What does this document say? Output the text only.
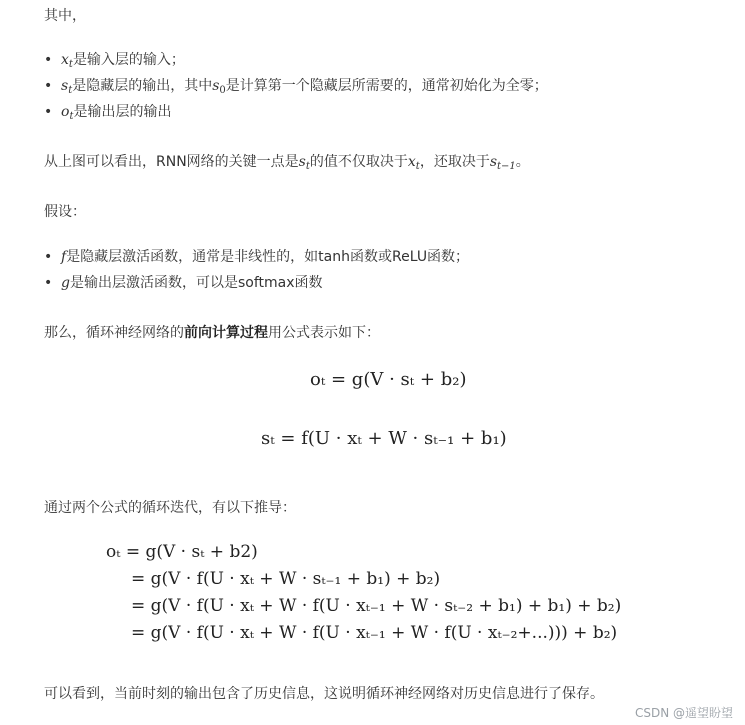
其中，
• $x_t$是输入层的输入；
• $s_t$是隐藏层的输出，其中$s_0$是计算第一个隐藏层所需要的，通常初始化为全零；
• $o_t$是输出层的输出
从上图可以看出，RNN网络的关键一点是$s_t$的值不仅取决于$x_t$，还取决于$s_{t-1}$。
假设：
• f是隐藏层激活函数，通常是非线性的，如tanh函数或ReLU函数；
• g是输出层激活函数，可以是softmax函数
那么，循环神经网络的前向计算过程用公式表示如下：
oₜ = g(V · sₜ + b₂)
sₜ = f(U · xₜ + W · sₜ₋₁ + b₁)
通过两个公式的循环迭代，有以下推导：
oₜ = g(V · sₜ + b2)
= g(V · f(U · xₜ + W · sₜ₋₁ + b₁) + b₂)
= g(V · f(U · xₜ + W · f(U · xₜ₋₁ + W · sₜ₋₂ + b₁) + b₁) + b₂)
= g(V · f(U · xₜ + W · f(U · xₜ₋₁ + W · f(U · xₜ₋₂+...))) + b₂)
可以看到，当前时刻的输出包含了历史信息，这说明循环神经网络对历史信息进行了保存。
CSDN @遥望盼望
